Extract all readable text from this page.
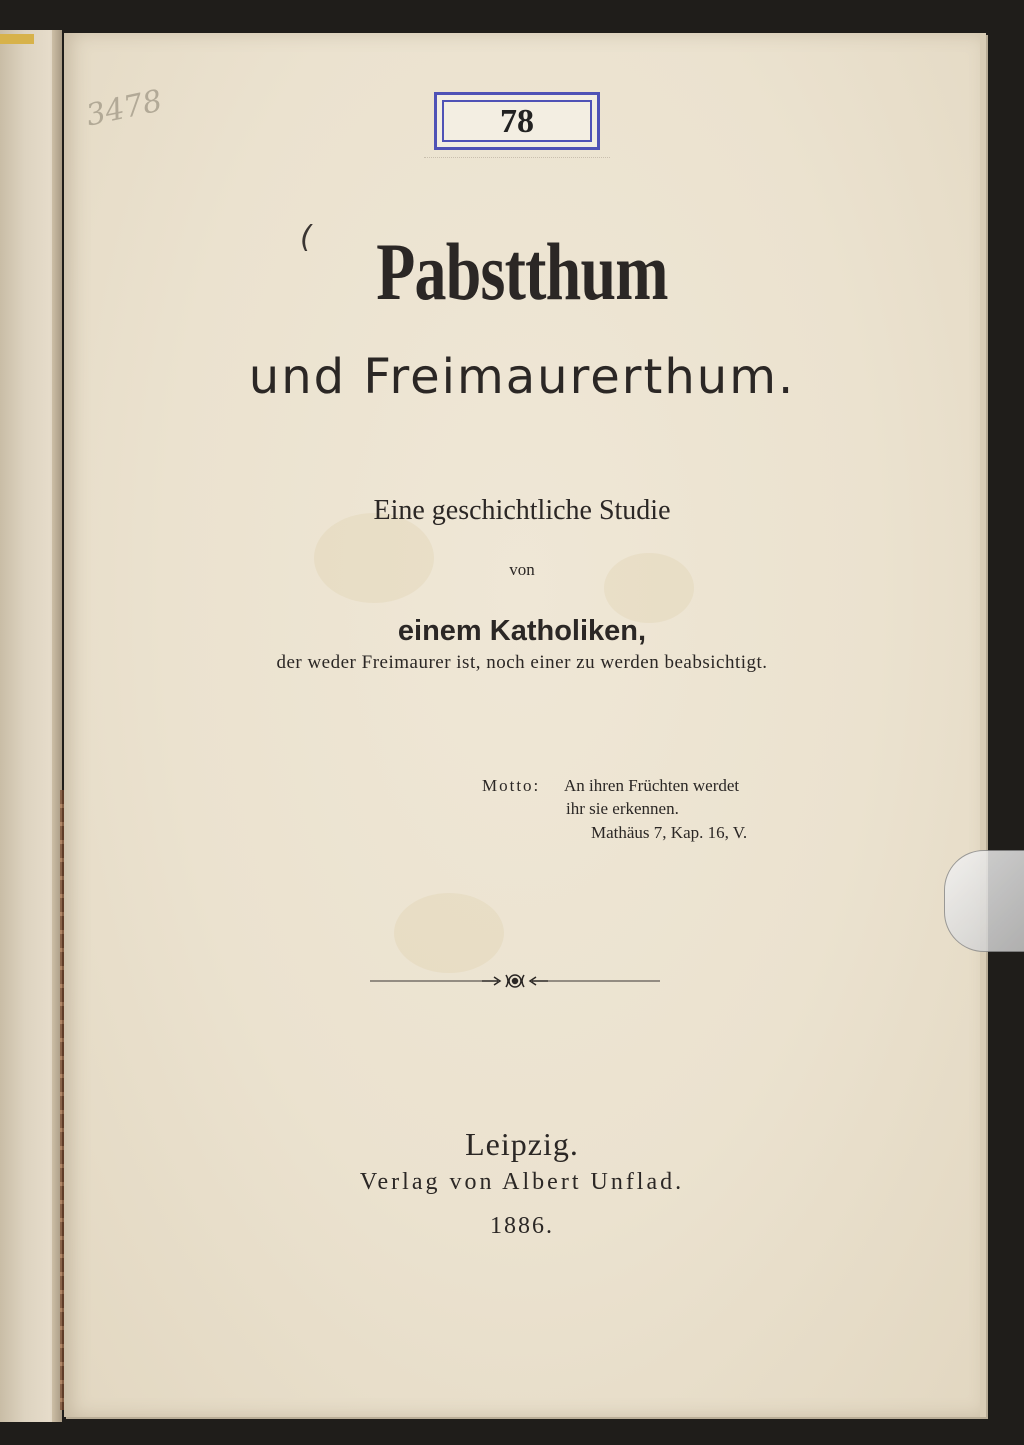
3478	78
( Pabstthum
und Freimaurerthum.
Eine geschichtliche Studie
von
einem Katholiken,
der weder Freimaurer ist, noch einer zu werden beabsichtigt.
Motto: An ihren Früchten werdet
ihr sie erkennen.
Mathäus 7, Kap. 16, V.
Leipzig.
Verlag von Albert Unflad.
1886.
